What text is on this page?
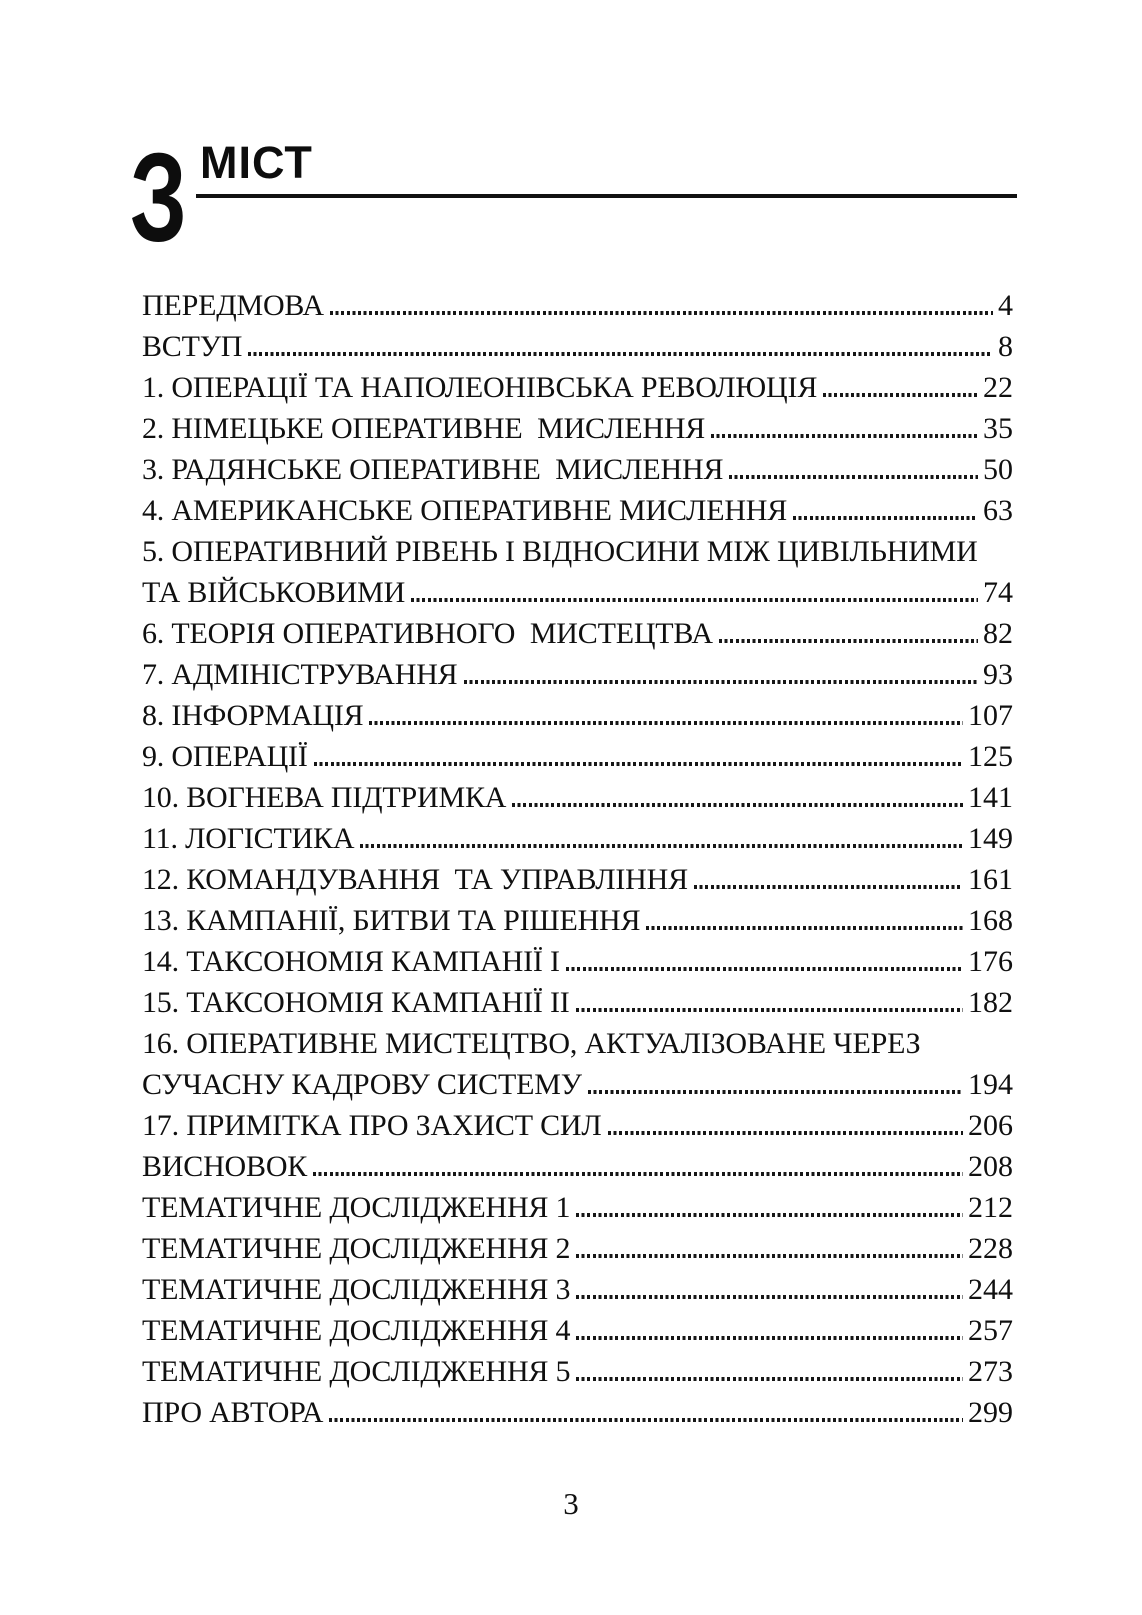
З МІСТ
ПЕРЕДМОВА	4
ВСТУП	8
1. ОПЕРАЦІЇ ТА НАПОЛЕОНІВСЬКА РЕВОЛЮЦІЯ	22
2. НІМЕЦЬКЕ ОПЕРАТИВНЕ  МИСЛЕННЯ	35
3. РАДЯНСЬКЕ ОПЕРАТИВНЕ  МИСЛЕННЯ	50
4. АМЕРИКАНСЬКЕ ОПЕРАТИВНЕ МИСЛЕННЯ	63
5. ОПЕРАТИВНИЙ РІВЕНЬ І ВІДНОСИНИ МІЖ ЦИВІЛЬНИМИ
ТА ВІЙСЬКОВИМИ	74
6. ТЕОРІЯ ОПЕРАТИВНОГО  МИСТЕЦТВА	82
7. АДМІНІСТРУВАННЯ	93
8. ІНФОРМАЦІЯ	107
9. ОПЕРАЦІЇ	125
10. ВОГНЕВА ПІДТРИМКА	141
11. ЛОГІСТИКА	149
12. КОМАНДУВАННЯ  ТА УПРАВЛІННЯ	161
13. КАМПАНІЇ, БИТВИ ТА РІШЕННЯ	168
14. ТАКСОНОМІЯ КАМПАНІЇ І	176
15. ТАКСОНОМІЯ КАМПАНІЇ ІІ	182
16. ОПЕРАТИВНЕ МИСТЕЦТВО, АКТУАЛІЗОВАНЕ ЧЕРЕЗ
СУЧАСНУ КАДРОВУ СИСТЕМУ	194
17. ПРИМІТКА ПРО ЗАХИСТ СИЛ	206
ВИСНОВОК	208
ТЕМАТИЧНЕ ДОСЛІДЖЕННЯ 1	212
ТЕМАТИЧНЕ ДОСЛІДЖЕННЯ 2	228
ТЕМАТИЧНЕ ДОСЛІДЖЕННЯ 3	244
ТЕМАТИЧНЕ ДОСЛІДЖЕННЯ 4	257
ТЕМАТИЧНЕ ДОСЛІДЖЕННЯ 5	273
ПРО АВТОРА	299
3
